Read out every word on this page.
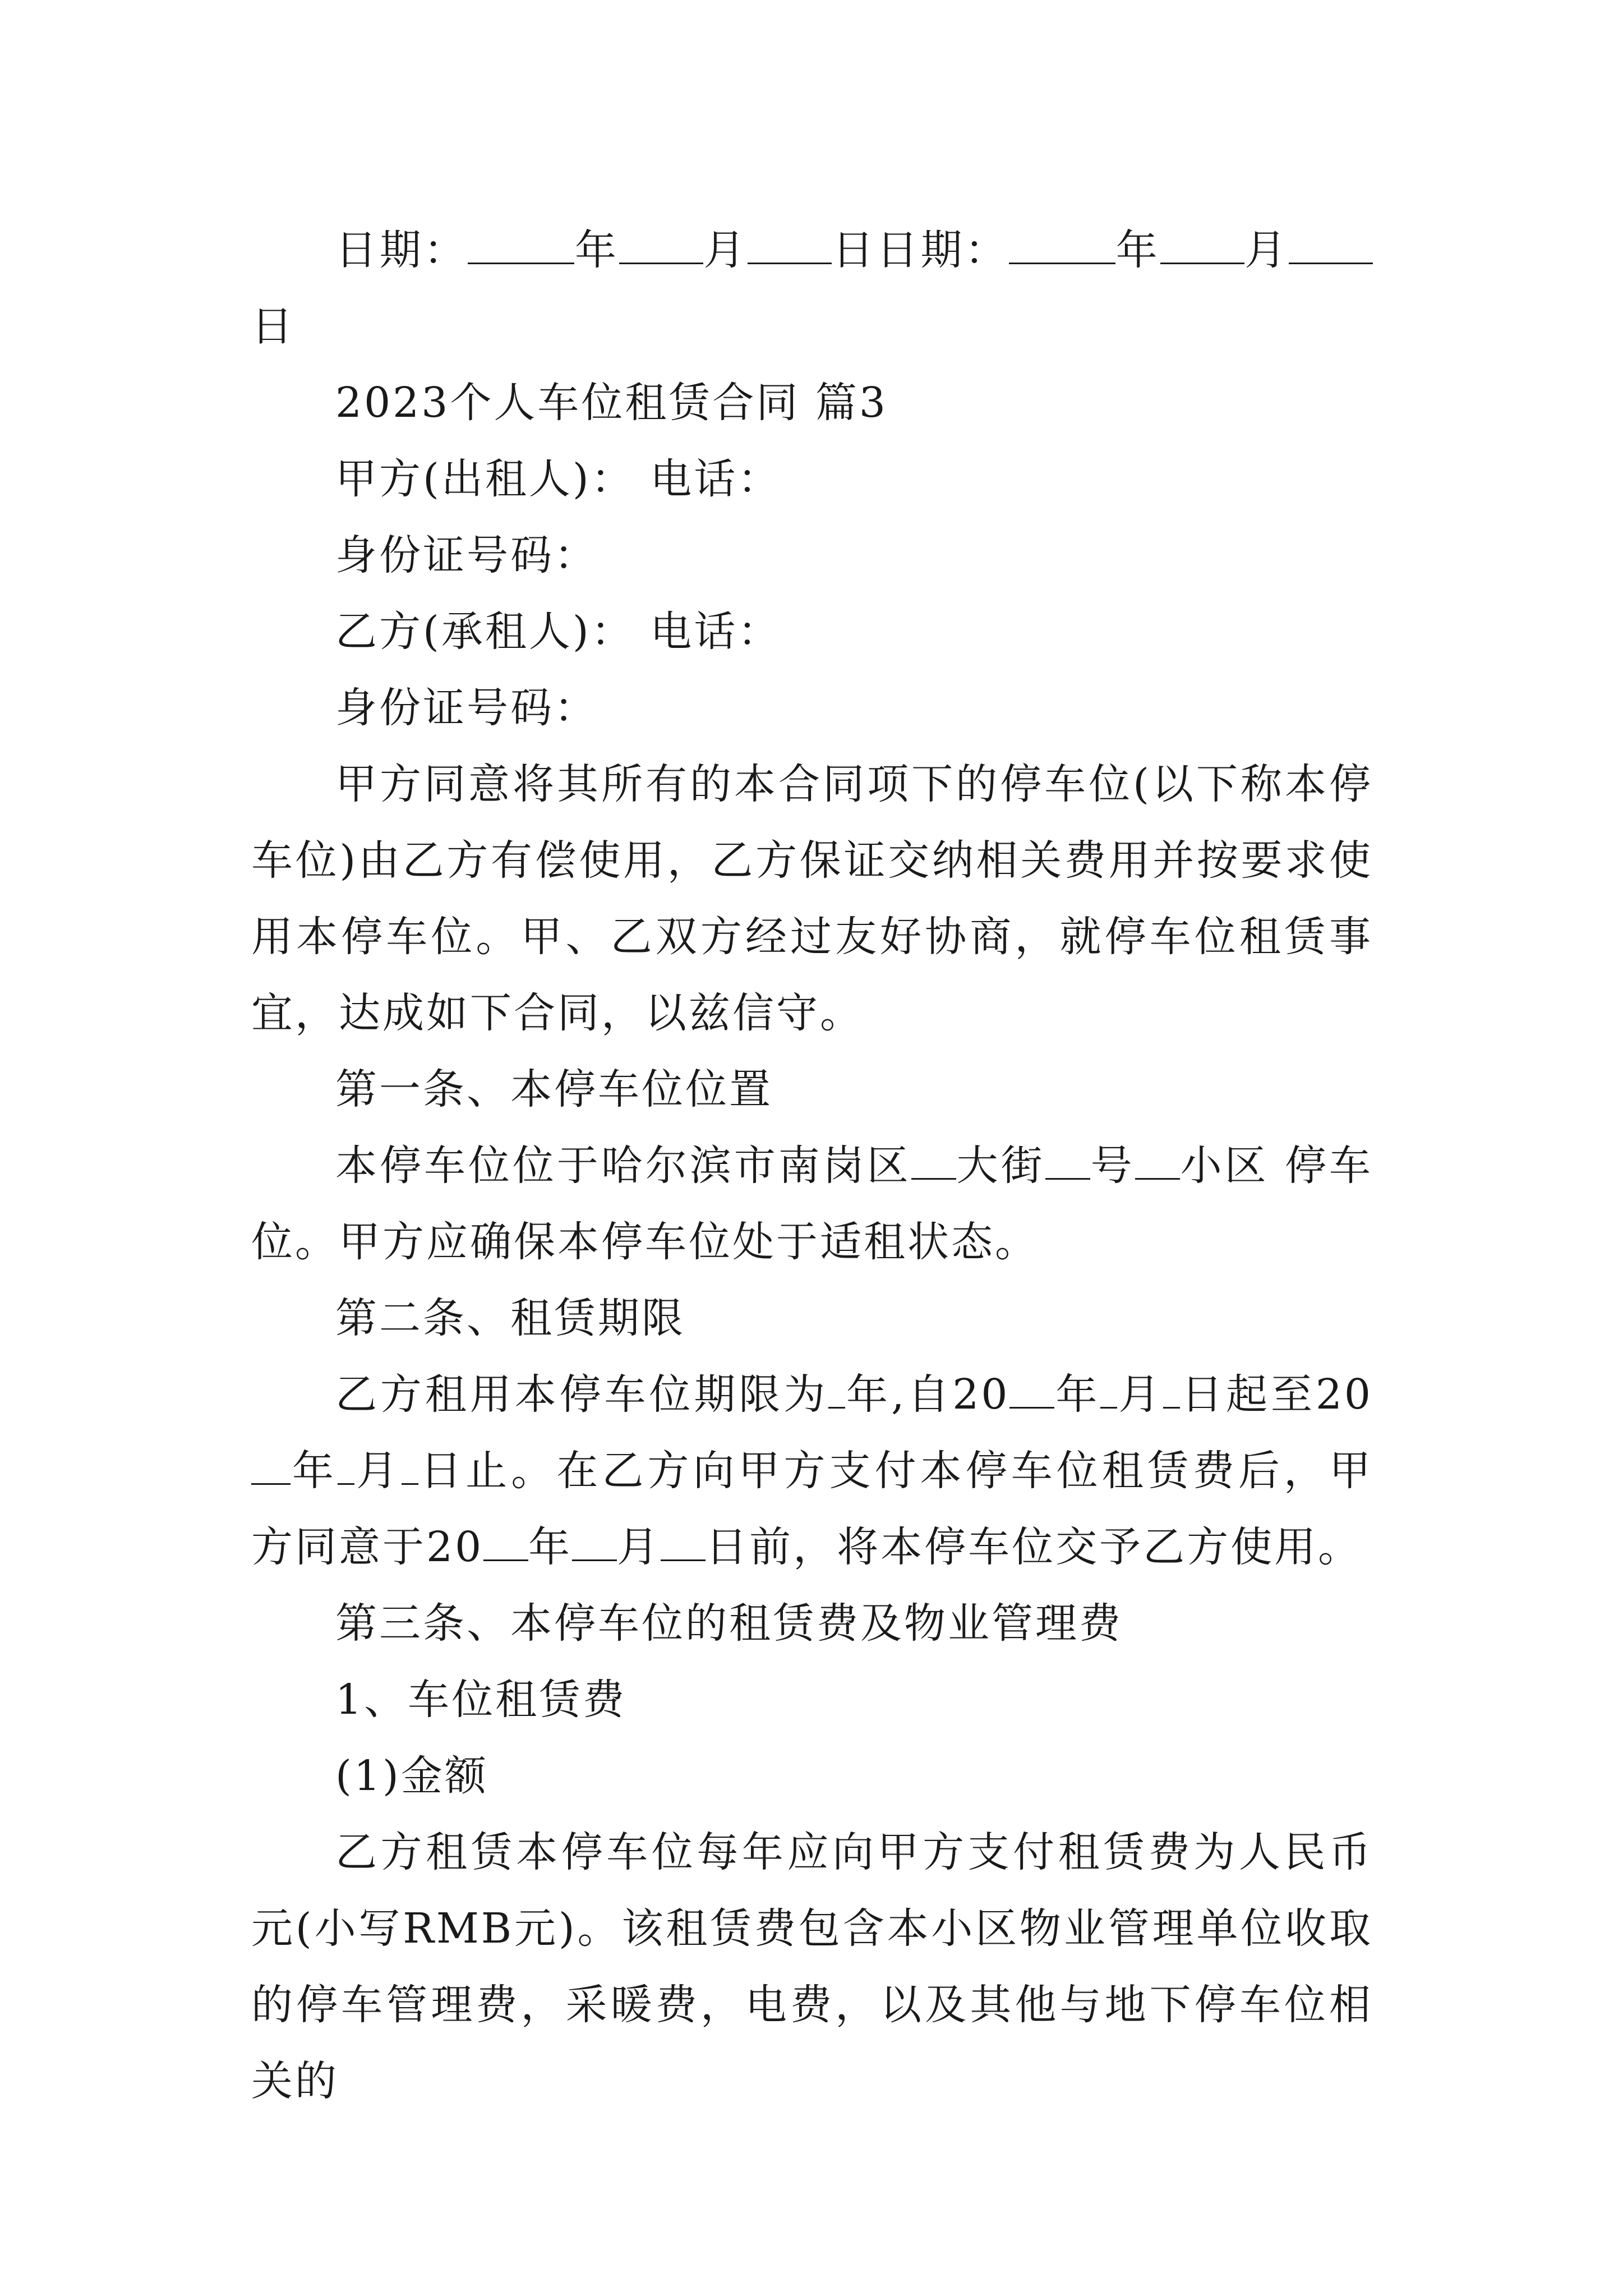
日期：	年 月 日日期：	年 月日

2023个人车位租赁合同 篇3

甲方(出租人)： 电话：

身份证号码：

乙方(承租人)： 电话：

身份证号码：

甲方同意将其所有的本合同项下的停车位(以下称本停车位)由乙方有偿使用，乙方保证交纳相关费用并按要求使用本停车位。甲、乙双方经过友好协商，就停车位租赁事宜，达成如下合同，以兹信守。

第一条、本停车位位置

本停车位位于哈尔滨市南岗区 大街 号 小区 停车位。甲方应确保本停车位处于适租状态。

第二条、租赁期限

乙方租用本停车位期限为 年,自20 年 月 日起至20年 月 日止。在乙方向甲方支付本停车位租赁费后，甲方同意于20 年 月 日前，将本停车位交予乙方使用。

第三条、本停车位的租赁费及物业管理费

1、车位租赁费

(1)金额

乙方租赁本停车位每年应向甲方支付租赁费为人民币元(小写RMB元)。该租赁费包含本小区物业管理单位收取的停车管理费，采暖费，电费，以及其他与地下停车位相关的
